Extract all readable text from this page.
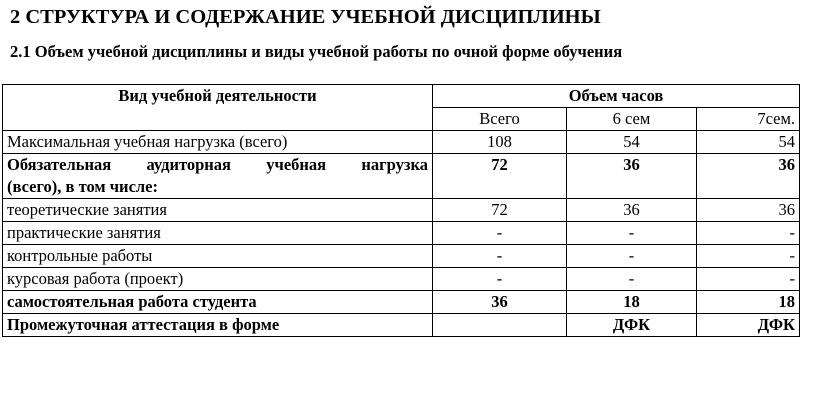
2 СТРУКТУРА И СОДЕРЖАНИЕ УЧЕБНОЙ ДИСЦИПЛИНЫ
2.1 Объем учебной дисциплины и виды учебной работы по очной форме обучения
Вид учебной деятельности	Объем часов		
	Всего	6 сем	7сем.
Максимальная учебная нагрузка (всего)	108	54	54

Обязательная аудиторная учебная нагрузка
(всего), в том числе:	72	36	36
теоретические занятия	72	36	36
практические занятия	-	-	-
контрольные работы	-	-	-
курсовая работа (проект)	-	-	-
самостоятельная работа студента	36	18	18
Промежуточная аттестация в форме		ДФК	ДФК
